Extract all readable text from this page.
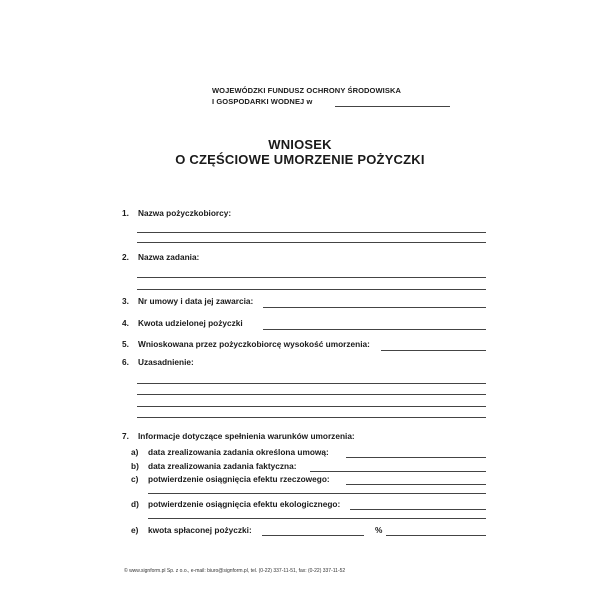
WOJEWÓDZKI FUNDUSZ OCHRONY ŚRODOWISKA
I GOSPODARKI WODNEJ w
WNIOSEK
O CZĘŚCIOWE UMORZENIE POŻYCZKI
1. Nazwa pożyczkobiorcy:
2. Nazwa zadania:
3. Nr umowy i data jej zawarcia:
4. Kwota udzielonej pożyczki
5. Wnioskowana przez pożyczkobiorcę wysokość umorzenia:
6. Uzasadnienie:
7. Informacje dotyczące spełnienia warunków umorzenia:
a) data zrealizowania zadania określona umową:
b) data zrealizowania zadania faktyczna:
c) potwierdzenie osiągnięcia efektu rzeczowego:
d) potwierdzenie osiągnięcia efektu ekologicznego:
e) kwota spłaconej pożyczki:	%
© www.signform.pl Sp. z o.o., e-mail: biuro@signform.pl, tel. (0-22) 337-11-51, fax: (0-22) 337-11-52
